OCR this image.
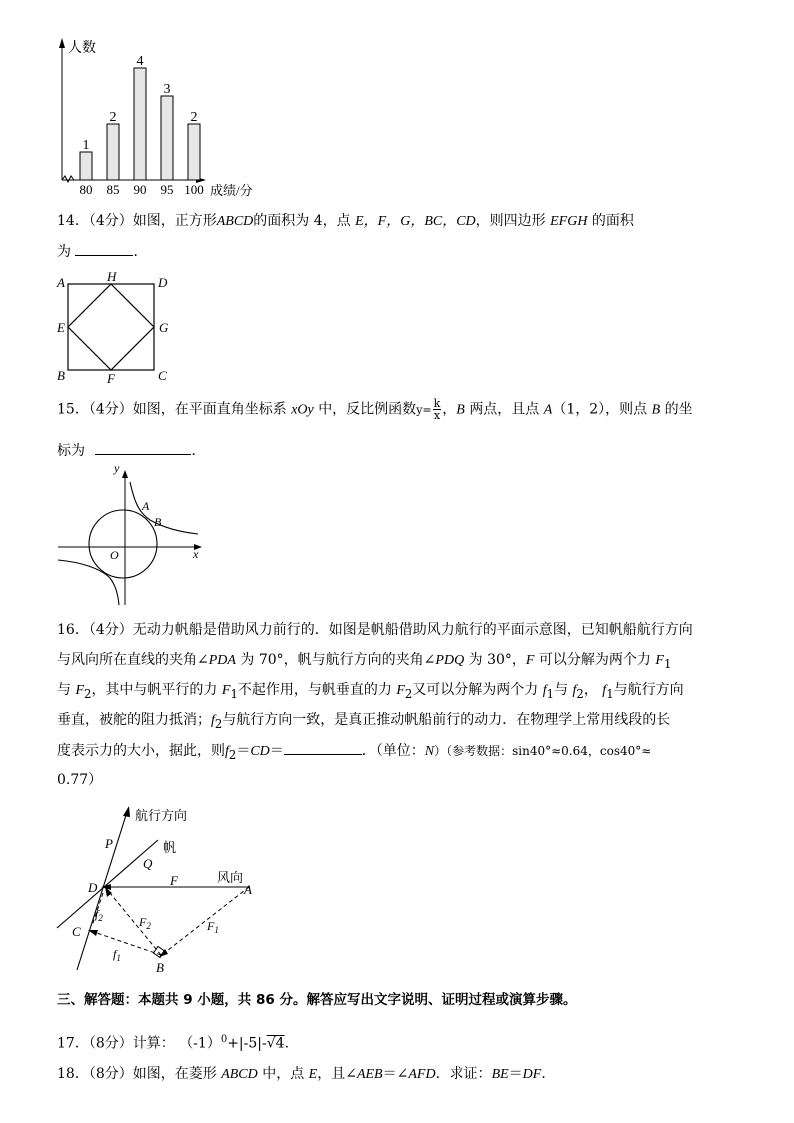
人数
成绩/分
1
80
2
85
4
90
3
95
2
100
14．（4分）如图，正方形ABCD的面积为 4，点 E，F，G，BC，CD，则四边形 EFGH 的面积
为	．
A	H	D
E	G
B	F	C
15．（4分）如图，在平面直角坐标系 xOy 中，反比例函数$y= \frac{k}{x}$ ，B 两点，且点 A（1，2），则点 B 的坐
标为	．
y
x
O
A
B
16．（4分）无动力帆船是借助风力前行的．如图是帆船借助风力航行的平面示意图，已知帆船航行方向
与风向所在直线的夹角∠PDA 为 70°，帆与航行方向的夹角∠PDQ 为 30°，F 可以分解为两个力 $F_1$
与 $F_2$，其中与帆平行的力 $F_1$不起作用，与帆垂直的力 $F_2$又可以分解为两个力 $f_1$与 $f_2$， $f_1$与航行方向
垂直，被舵的阻力抵消；$f_2$与航行方向一致，是真正推动帆船前行的动力．在物理学上常用线段的长
度表示力的大小，据此，则$f_2=CD=$	．（单位：N）（参考数据：sin40°≈0.64，cos40°≈
0.77）
航行方向
P	帆
Q
D	F	风向
A
$f_2$
C
$F_2$	$F_1$
$f_1$
B
三、解答题：本题共 9 小题，共 86 分。解答应写出文字说明、证明过程或演算步骤。
17．（8分）计算： $(-1)^0+|-5|-√4$.
18．（8分）如图，在菱形 ABCD 中，点 E，且∠AEB＝∠AFD．求证：BE＝DF．
